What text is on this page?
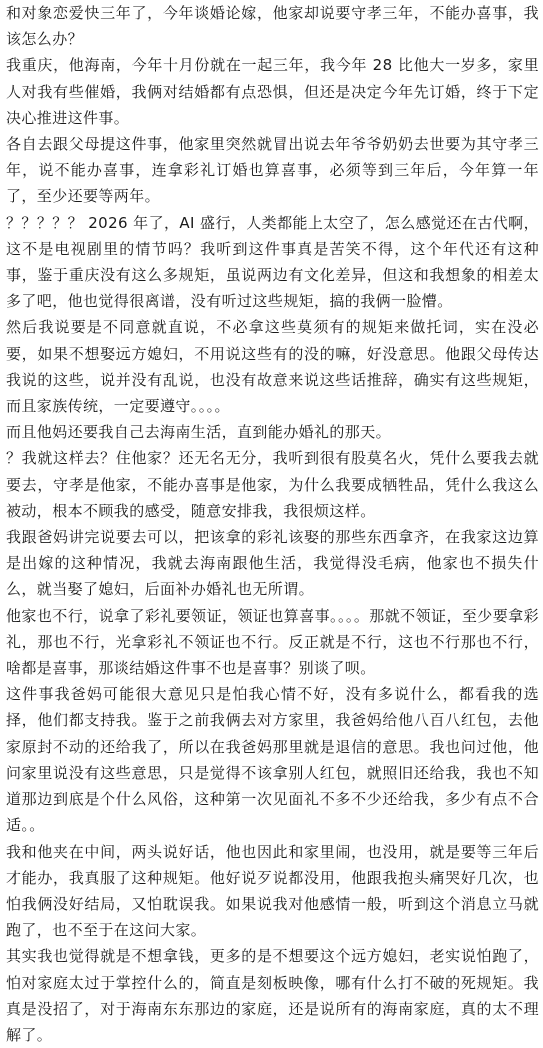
和对象恋爱快三年了，今年谈婚论嫁，他家却说要守孝三年，不能办喜事，我该怎么办？

我重庆，他海南，今年十月份就在一起三年，我今年 28 比他大一岁多，家里人对我有些催婚，我俩对结婚都有点恐惧，但还是决定今年先订婚，终于下定决心推进这件事。

各自去跟父母提这件事，他家里突然就冒出说去年爷爷奶奶去世要为其守孝三年，说不能办喜事，连拿彩礼订婚也算喜事，必须等到三年后，今年算一年了，至少还要等两年。

？？？？？ 2026 年了，AI 盛行，人类都能上太空了，怎么感觉还在古代啊，这不是电视剧里的情节吗？我听到这件事真是苦笑不得，这个年代还有这种事，鉴于重庆没有这么多规矩，虽说两边有文化差异，但这和我想象的相差太多了吧，他也觉得很离谱，没有听过这些规矩，搞的我俩一脸懵。

然后我说要是不同意就直说，不必拿这些莫须有的规矩来做托词，实在没必要，如果不想娶远方媳妇，不用说这些有的没的嘛，好没意思。他跟父母传达我说的这些，说并没有乱说，也没有故意来说这些话推辞，确实有这些规矩，而且家族传统，一定要遵守。。。。

而且他妈还要我自己去海南生活，直到能办婚礼的那天。

？我就这样去？住他家？还无名无分，我听到很有股莫名火，凭什么要我去就要去，守孝是他家，不能办喜事是他家，为什么我要成牺牲品，凭什么我这么被动，根本不顾我的感受，随意安排我，我很烦这样。

我跟爸妈讲完说要去可以，把该拿的彩礼该娶的那些东西拿齐，在我家这边算是出嫁的这种情况，我就去海南跟他生活，我觉得没毛病，他家也不损失什么，就当娶了媳妇，后面补办婚礼也无所谓。

他家也不行，说拿了彩礼要领证，领证也算喜事。。。。那就不领证，至少要拿彩礼，那也不行，光拿彩礼不领证也不行。反正就是不行，这也不行那也不行，啥都是喜事，那谈结婚这件事不也是喜事？别谈了呗。

这件事我爸妈可能很大意见只是怕我心情不好，没有多说什么，都看我的选择，他们都支持我。鉴于之前我俩去对方家里，我爸妈给他八百八红包，去他家原封不动的还给我了，所以在我爸妈那里就是退信的意思。我也问过他，他问家里说没有这些意思，只是觉得不该拿别人红包，就照旧还给我，我也不知道那边到底是个什么风俗，这种第一次见面礼不多不少还给我，多少有点不合适。。

我和他夹在中间，两头说好话，他也因此和家里闹，也没用，就是要等三年后才能办，我真服了这种规矩。他好说歹说都没用，他跟我抱头痛哭好几次，也怕我俩没好结局，又怕耽误我。如果说我对他感情一般，听到这个消息立马就跑了，也不至于在这问大家。

其实我也觉得就是不想拿钱，更多的是不想要这个远方媳妇，老实说怕跑了，怕对家庭太过于掌控什么的，简直是刻板映像，哪有什么打不破的死规矩。我真是没招了，对于海南东东那边的家庭，还是说所有的海南家庭，真的太不理解了。
